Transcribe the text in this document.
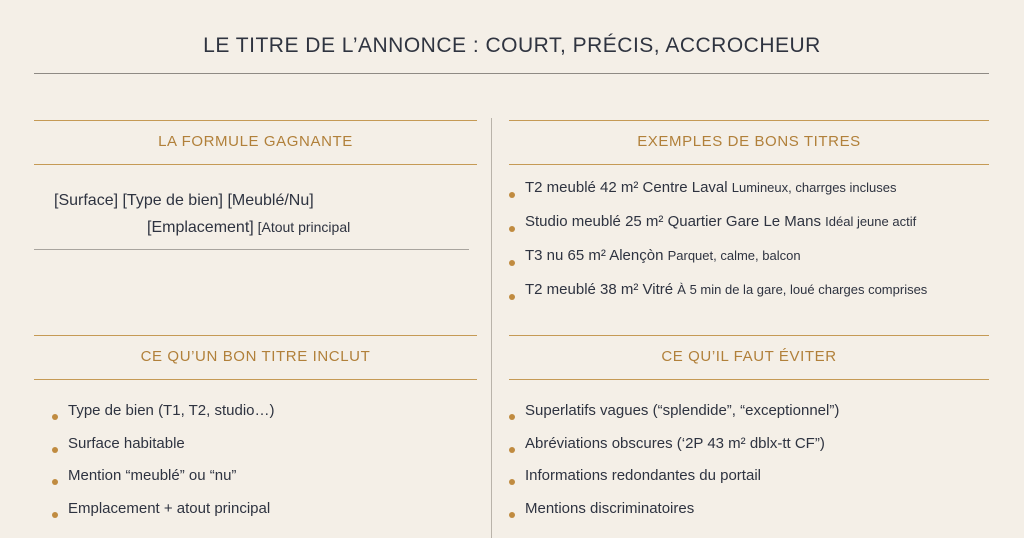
LE TITRE DE L’ANNONCE : COURT, PRÉCIS, ACCROCHEUR
LA FORMULE GAGNANTE
[Surface] [Type de bien] [Meublé/Nu]
[Emplacement] [Atout principal
EXEMPLES DE BONS TITRES
T2 meublé 42 m² Centre Laval Lumineux, charrges incluses
Studio meublé 25 m² Quartier Gare Le Mans Idéal jeune actif
T3 nu 65 m² Alençòn Parquet, calme, balcon
T2 meublé 38 m² Vitré À 5 min de la gare, loué charges comprises
CE QU’UN BON TITRE INCLUT
Type de bien (T1, T2, studio…)
Surface habitable
Mention “meublé” ou “nu”
Emplacement + atout principal
CE QU’IL FAUT ÉVITER
Superlatifs vagues (“splendide”, “exceptionnel”)
Abréviations obscures (‘2P 43 m² dblx-tt CF”)
Informations redondantes du portail
Mentions discriminatoires
